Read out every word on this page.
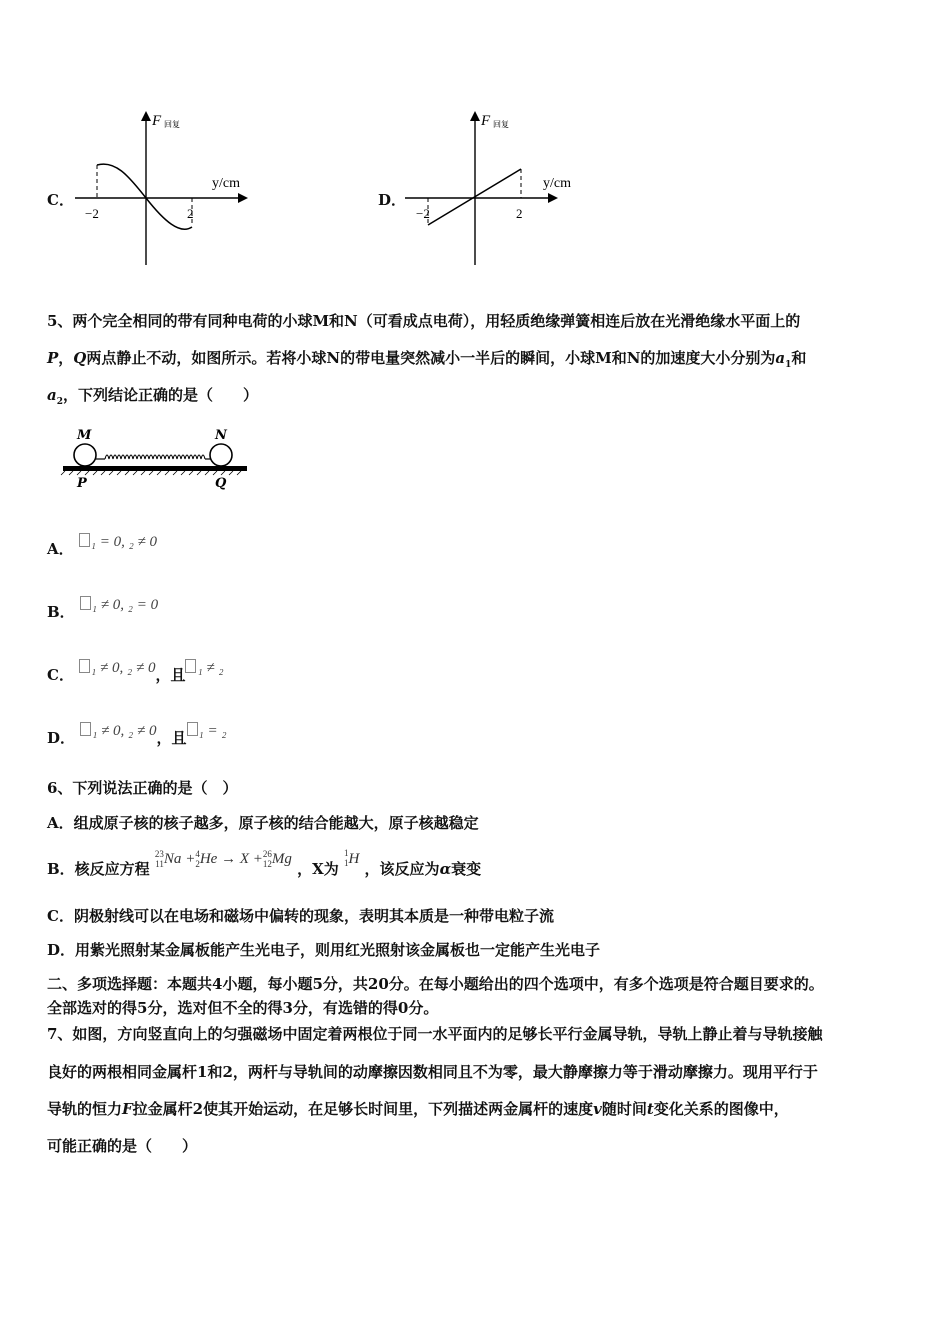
C．
F 回复
y/cm
−2	2
D．
F 回复
y/cm
−2	2
5、两个完全相同的带有同种电荷的小球M和N（可看成点电荷），用轻质绝缘弹簧相连后放在光滑绝缘水平面上的
P，Q两点静止不动，如图所示。若将小球N的带电量突然减小一半后的瞬间，小球M和N的加速度大小分别为$a_1$和
$a_2$，下列结论正确的是（　　）
M	N
P	Q
A． ₁ = 0, ₂ ≠ 0
B． ₁ ≠ 0, ₂ = 0
C． ₁ ≠ 0, ₂ ≠ 0，且 ₁ ≠ ₂
D． ₁ ≠ 0, ₂ ≠ 0，且 ₁ = ₂
6、下列说法正确的是（　）
A．组成原子核的核子越多，原子核的结合能越大，原子核越稳定
B．核反应方程 23
11Na +4
2He → X +26
12Mg ，X为 1
1H ，该反应为α衰变
C．阴极射线可以在电场和磁场中偏转的现象，表明其本质是一种带电粒子流
D．用紫光照射某金属板能产生光电子，则用红光照射该金属板也一定能产生光电子
二、多项选择题：本题共4小题，每小题5分，共20分。在每小题给出的四个选项中，有多个选项是符合题目要求的。
全部选对的得5分，选对但不全的得3分，有选错的得0分。
7、如图，方向竖直向上的匀强磁场中固定着两根位于同一水平面内的足够长平行金属导轨，导轨上静止着与导轨接触
良好的两根相同金属杆1和2，两杆与导轨间的动摩擦因数相同且不为零，最大静摩擦力等于滑动摩擦力。现用平行于
导轨的恒力F拉金属杆2使其开始运动，在足够长时间里，下列描述两金属杆的速度v随时间t变化关系的图像中，
可能正确的是（　　）
